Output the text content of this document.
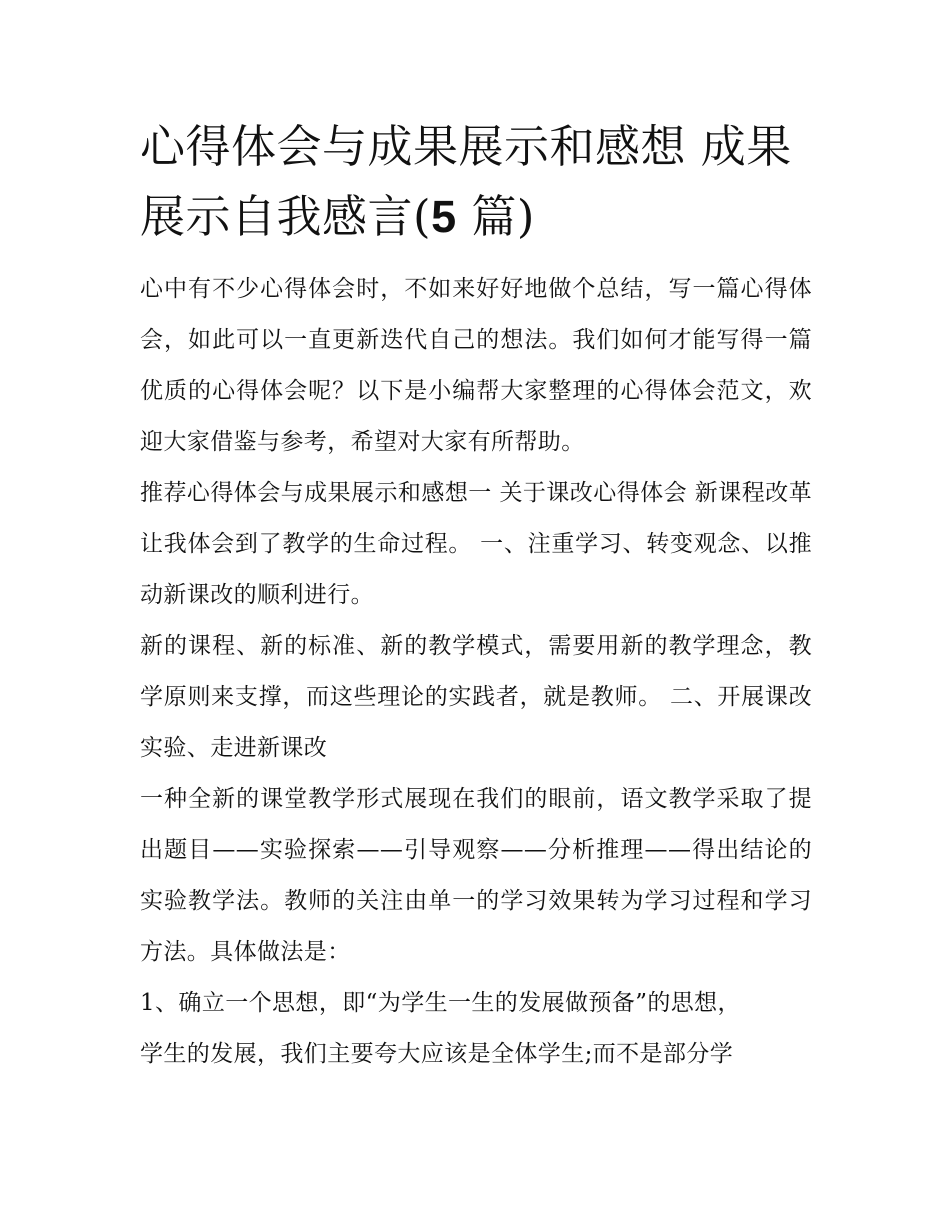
心得体会与成果展示和感想 成果展示自我感言(5 篇)

心中有不少心得体会时，不如来好好地做个总结，写一篇心得体会，如此可以一直更新迭代自己的想法。我们如何才能写得一篇优质的心得体会呢？以下是小编帮大家整理的心得体会范文，欢迎大家借鉴与参考，希望对大家有所帮助。

推荐心得体会与成果展示和感想一 关于课改心得体会 新课程改革让我体会到了教学的生命过程。 一、注重学习、转变观念、以推动新课改的顺利进行。

新的课程、新的标准、新的教学模式，需要用新的教学理念，教学原则来支撑，而这些理论的实践者，就是教师。 二、开展课改实验、走进新课改

一种全新的课堂教学形式展现在我们的眼前，语文教学采取了提出题目——实验探索——引导观察——分析推理——得出结论的实验教学法。教师的关注由单一的学习效果转为学习过程和学习方法。具体做法是：

1、确立一个思想，即“为学生一生的发展做预备”的思想，

学生的发展，我们主要夸大应该是全体学生;而不是部分学
